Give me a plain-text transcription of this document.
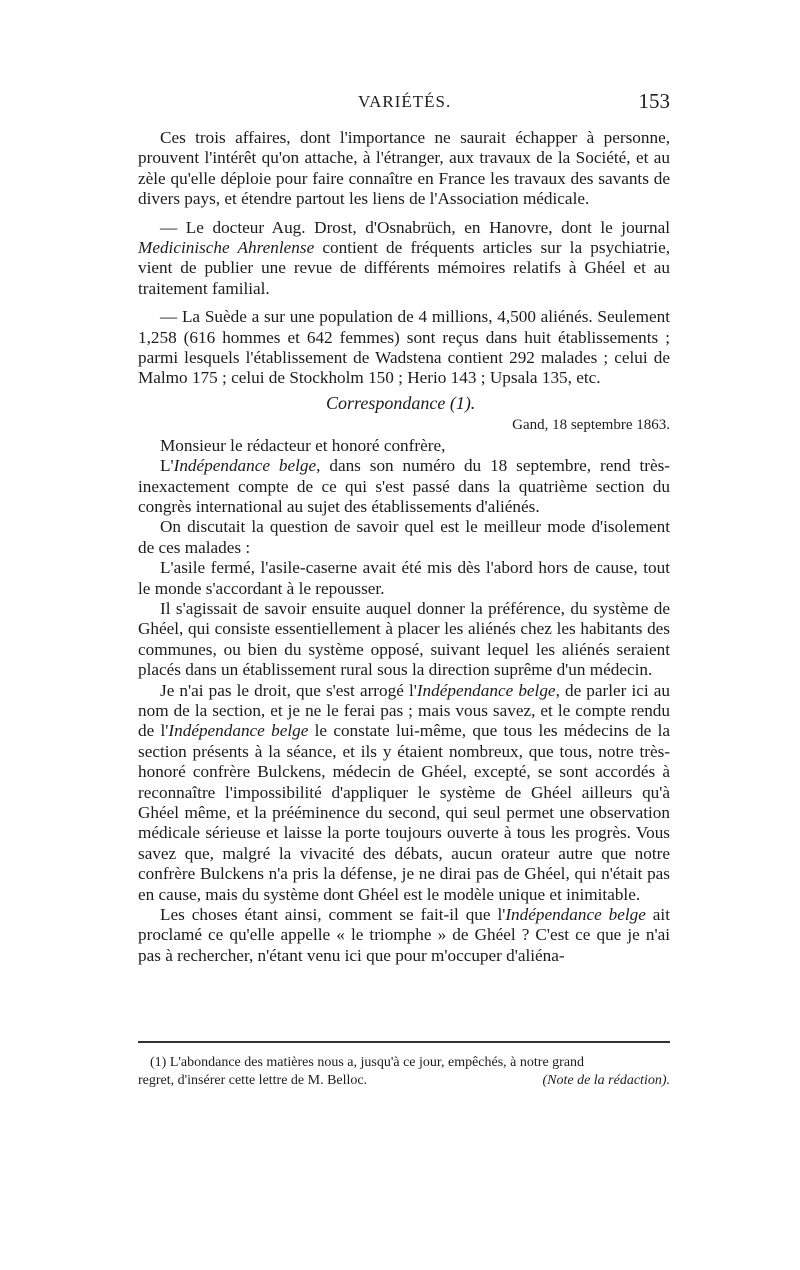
VARIÉTÉS.	153

Ces trois affaires, dont l'importance ne saurait échapper à personne, prouvent l'intérêt qu'on attache, à l'étranger, aux travaux de la Société, et au zèle qu'elle déploie pour faire connaître en France les travaux des savants de divers pays, et étendre partout les liens de l'Association médicale.

— Le docteur Aug. Drost, d'Osnabrüch, en Hanovre, dont le journal Medicinische Ahrenlense contient de fréquents articles sur la psychiatrie, vient de publier une revue de différents mémoires relatifs à Ghéel et au traitement familial.

— La Suède a sur une population de 4 millions, 4,500 aliénés. Seulement 1,258 (616 hommes et 642 femmes) sont reçus dans huit établissements ; parmi lesquels l'établissement de Wadstena contient 292 malades ; celui de Malmo 175 ; celui de Stockholm 150 ; Herio 143 ; Upsala 135, etc.

Correspondance (1).

Gand, 18 septembre 1863.

Monsieur le rédacteur et honoré confrère,

L'Indépendance belge, dans son numéro du 18 septembre, rend très-inexactement compte de ce qui s'est passé dans la quatrième section du congrès international au sujet des établissements d'aliénés.

On discutait la question de savoir quel est le meilleur mode d'isolement de ces malades :

L'asile fermé, l'asile-caserne avait été mis dès l'abord hors de cause, tout le monde s'accordant à le repousser.

Il s'agissait de savoir ensuite auquel donner la préférence, du système de Ghéel, qui consiste essentiellement à placer les aliénés chez les habitants des communes, ou bien du système opposé, suivant lequel les aliénés seraient placés dans un établissement rural sous la direction suprême d'un médecin.

Je n'ai pas le droit, que s'est arrogé l'Indépendance belge, de parler ici au nom de la section, et je ne le ferai pas ; mais vous savez, et le compte rendu de l'Indépendance belge le constate lui-même, que tous les médecins de la section présents à la séance, et ils y étaient nombreux, que tous, notre très-honoré confrère Bulckens, médecin de Ghéel, excepté, se sont accordés à reconnaître l'impossibilité d'appliquer le système de Ghéel ailleurs qu'à Ghéel même, et la prééminence du second, qui seul permet une observation médicale sérieuse et laisse la porte toujours ouverte à tous les progrès. Vous savez que, malgré la vivacité des débats, aucun orateur autre que notre confrère Bulckens n'a pris la défense, je ne dirai pas de Ghéel, qui n'était pas en cause, mais du système dont Ghéel est le modèle unique et inimitable.

Les choses étant ainsi, comment se fait-il que l'Indépendance belge ait proclamé ce qu'elle appelle « le triomphe » de Ghéel ? C'est ce que je n'ai pas à rechercher, n'étant venu ici que pour m'occuper d'aliéna-

(1) L'abondance des matières nous a, jusqu'à ce jour, empêchés, à notre grand

regret, d'insérer cette lettre de M. Belloc.	(Note de la rédaction).
